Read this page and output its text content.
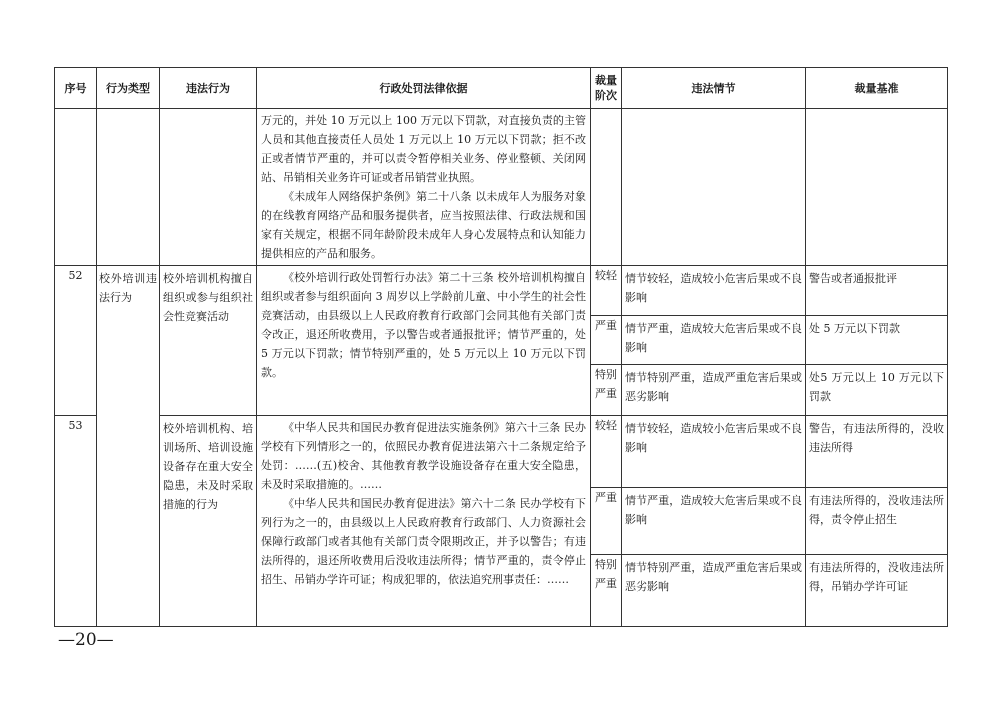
序号	行为类型	违法行为	行政处罚法律依据	裁量阶次	违法情节	裁量基准

			万元的，并处 10 万元以上 100 万元以下罚款，对直接负责的主管人员和其他直接责任人员处 1 万元以上 10 万元以下罚款；拒不改正或者情节严重的，并可以责令暂停相关业务、停业整顿、关闭网站、吊销相关业务许可证或者吊销营业执照。

《未成年人网络保护条例》第二十八条 以未成年人为服务对象的在线教育网络产品和服务提供者，应当按照法律、行政法规和国家有关规定，根据不同年龄阶段未成年人身心发展特点和认知能力提供相应的产品和服务。			

52	校外培训违法行为	校外培训机构擅自组织或参与组织社会性竞赛活动	《校外培训行政处罚暂行办法》第二十三条 校外培训机构擅自组织或者参与组织面向 3 周岁以上学龄前儿童、中小学生的社会性竞赛活动，由县级以上人民政府教育行政部门会同其他有关部门责令改正，退还所收费用，予以警告或者通报批评；情节严重的，处 5 万元以下罚款；情节特别严重的，处 5 万元以上 10 万元以下罚款。	较轻	情节较轻，造成较小危害后果或不良影响	警告或者通报批评

				严重	情节严重，造成较大危害后果或不良影响	处 5 万元以下罚款

				特别严重	情节特别严重，造成严重危害后果或恶劣影响	处5 万元以上 10 万元以下罚款

53		校外培训机构、培训场所、培训设施设备存在重大安全隐患，未及时采取措施的行为	《中华人民共和国民办教育促进法实施条例》第六十三条 民办学校有下列情形之一的，依照民办教育促进法第六十二条规定给予处罚：……(五)校舍、其他教育教学设施设备存在重大安全隐患，未及时采取措施的。……

《中华人民共和国民办教育促进法》第六十二条 民办学校有下列行为之一的，由县级以上人民政府教育行政部门、人力资源社会保障行政部门或者其他有关部门责令限期改正，并予以警告；有违法所得的，退还所收费用后没收违法所得；情节严重的，责令停止招生、吊销办学许可证；构成犯罪的，依法追究刑事责任：……	较轻	情节较轻，造成较小危害后果或不良影响	警告，有违法所得的，没收违法所得

				严重	情节严重，造成较大危害后果或不良影响	有违法所得的，没收违法所得，责令停止招生

				特别严重	情节特别严重，造成严重危害后果或恶劣影响	有违法所得的，没收违法所得，吊销办学许可证
—20—
